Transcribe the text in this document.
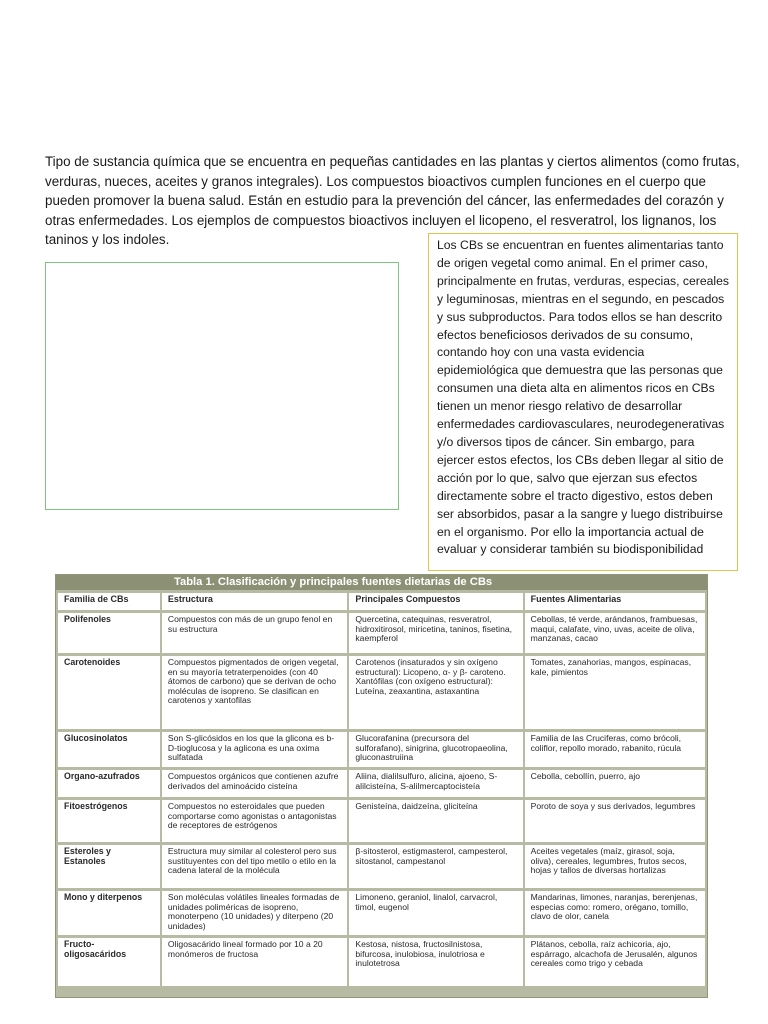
Tipo de sustancia química que se encuentra en pequeñas cantidades en las plantas y ciertos alimentos (como frutas, verduras, nueces, aceites y granos integrales). Los compuestos bioactivos cumplen funciones en el cuerpo que pueden promover la buena salud. Están en estudio para la prevención del cáncer, las enfermedades del corazón y otras enfermedades. Los ejemplos de compuestos bioactivos incluyen el licopeno, el resveratrol, los lignanos, los taninos y los indoles.	Los CBs se encuentran en fuentes alimentarias tanto de origen vegetal como animal. En el primer caso, principalmente en frutas, verduras, especias, cereales y leguminosas, mientras en el segundo, en pescados y sus subproductos. Para todos ellos se han descrito efectos beneficiosos derivados de su consumo, contando hoy con una vasta evidencia epidemiológica que demuestra que las personas que consumen una dieta alta en alimentos ricos en CBs tienen un menor riesgo relativo de desarrollar enfermedades cardiovasculares, neurodegenerativas y/o diversos tipos de cáncer. Sin embargo, para ejercer estos efectos, los CBs deben llegar al sitio de acción por lo que, salvo que ejerzan sus efectos directamente sobre el tracto digestivo, estos deben ser absorbidos, pasar a la sangre y luego distribuirse en el organismo. Por ello la importancia actual de evaluar y considerar también su biodisponibilidad

Tabla 1. Clasificación y principales fuentes dietarias de CBs
Familia de CBs	Estructura	Principales Compuestos	Fuentes Alimentarias
Polifenoles	Compuestos con más de un grupo fenol en su estructura	Quercetina, catequinas, resveratrol, hidroxitirosol, miricetina, taninos, fisetina, kaempferol	Cebollas, té verde, arándanos, frambuesas, maqui, calafate, vino, uvas, aceite de oliva, manzanas, cacao
Carotenoides	Compuestos pigmentados de origen vegetal, en su mayoría tetraterpenoides (con 40 átomos de carbono) que se derivan de ocho moléculas de isopreno. Se clasifican en carotenos y xantofilas	Carotenos (insaturados y sin oxígeno estructural): Licopeno, α- y β- caroteno. Xantófilas (con oxígeno estructural): Luteína, zeaxantina, astaxantina	Tomates, zanahorias, mangos, espinacas, kale, pimientos
Glucosinolatos	Son S-glicósidos en los que la glicona es b-D-tioglucosa y la aglicona es una oxima sulfatada	Glucorafanina (precursora del sulforafano), sinigrina, glucotropaeolina, gluconastruiina	Familia de las Cruciferas, como brócoli, coliflor, repollo morado, rabanito, rúcula
Organo-azufrados	Compuestos orgánicos que contienen azufre derivados del aminoácido cisteína	Aliina, dialilsulfuro, alicina, ajoeno, S-alilcisteína, S-alilmercaptocisteía	Cebolla, cebollín, puerro, ajo
Fitoestrógenos	Compuestos no esteroidales que pueden comportarse como agonistas o antagonistas de receptores de estrógenos	Genisteína, daidzeína, gliciteína	Poroto de soya y sus derivados, legumbres
Esteroles y Estanoles	Estructura muy similar al colesterol pero sus sustituyentes con del tipo metilo o etilo en la cadena lateral de la molécula	β-sitosterol, estigmasterol, campesterol, sitostanol, campestanol	Aceites vegetales (maíz, girasol, soja, oliva), cereales, legumbres, frutos secos, hojas y tallos de diversas hortalizas
Mono y diterpenos	Son moléculas volátiles lineales formadas de unidades poliméricas de isopreno, monoterpeno (10 unidades) y diterpeno (20 unidades)	Limoneno, geraniol, linalol, carvacrol, timol, eugenol	Mandarinas, limones, naranjas, berenjenas, especias como: romero, orégano, tomillo, clavo de olor, canela
Fructo-oligosacáridos	Oligosacárido lineal formado por 10 a 20 monómeros de fructosa	Kestosa, nistosa, fructosilnistosa, bifurcosa, inulobiosa, inulotriosa e inulotetrosa	Plátanos, cebolla, raíz achicoria, ajo, espárrago, alcachofa de Jerusalén, algunos cereales como trigo y cebada
